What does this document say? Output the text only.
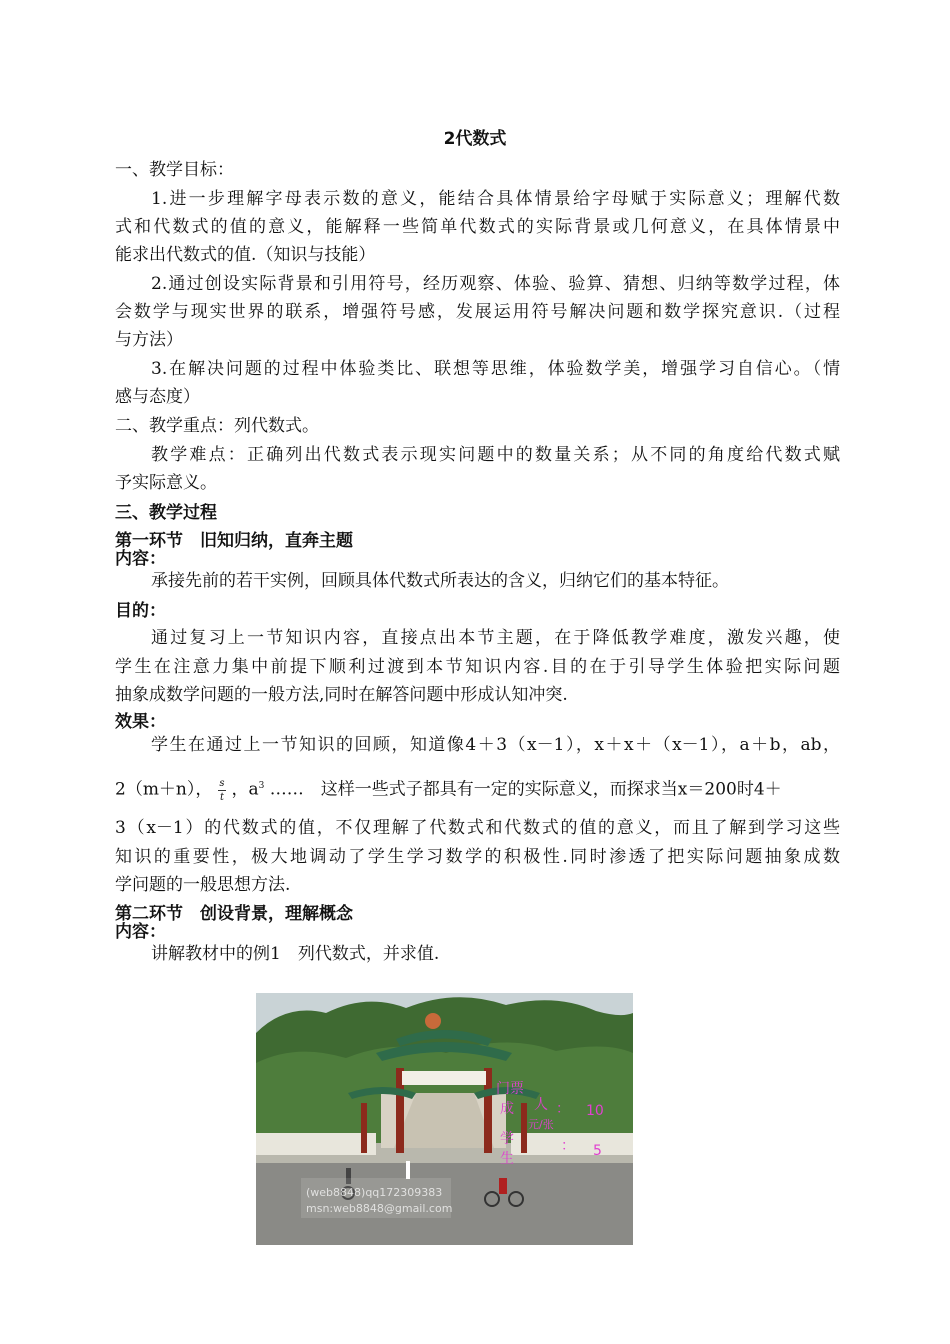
2代数式
一、教学目标：
1.进一步理解字母表示数的意义，能结合具体情景给字母赋于实际意义；理解代数
式和代数式的值的意义，能解释一些简单代数式的实际背景或几何意义，在具体情景中
能求出代数式的值.（知识与技能）
2.通过创设实际背景和引用符号，经历观察、体验、验算、猜想、归纳等数学过程，体
会数学与现实世界的联系，增强符号感，发展运用符号解决问题和数学探究意识.（过程
与方法）
3.在解决问题的过程中体验类比、联想等思维，体验数学美，增强学习自信心。（情
感与态度）
二、教学重点：列代数式。
教学难点：正确列出代数式表示现实问题中的数量关系；从不同的角度给代数式赋
予实际意义。
三、教学过程
第一环节　旧知归纳，直奔主题
内容：
承接先前的若干实例，回顾具体代数式所表达的含义，归纳它们的基本特征。
目的：
通过复习上一节知识内容，直接点出本节主题，在于降低教学难度，激发兴趣，使
学生在注意力集中前提下顺利过渡到本节知识内容.目的在于引导学生体验把实际问题
抽象成数学问题的一般方法,同时在解答问题中形成认知冲突.
效果：
学生在通过上一节知识的回顾，知道像4＋3（x－1），x＋x＋（x－1），a＋b，ab，
2（m＋n）， $\frac{s}{t}$ ，$a^3$ ……　这样一些式子都具有一定的实际意义，而探求当x＝200时4＋
3（x－1）的代数式的值，不仅理解了代数式和代数式的值的意义，而且了解到学习这些
知识的重要性，极大地调动了学生学习数学的积极性.同时渗透了把实际问题抽象成数
学问题的一般思想方法.
第二环节　创设背景，理解概念
内容：
讲解教材中的例1　列代数式，并求值.
门票
成 人 ： 10
学
元/张
生
： 5
(web8848)qq172309383
msn:web8848@gmail.com
